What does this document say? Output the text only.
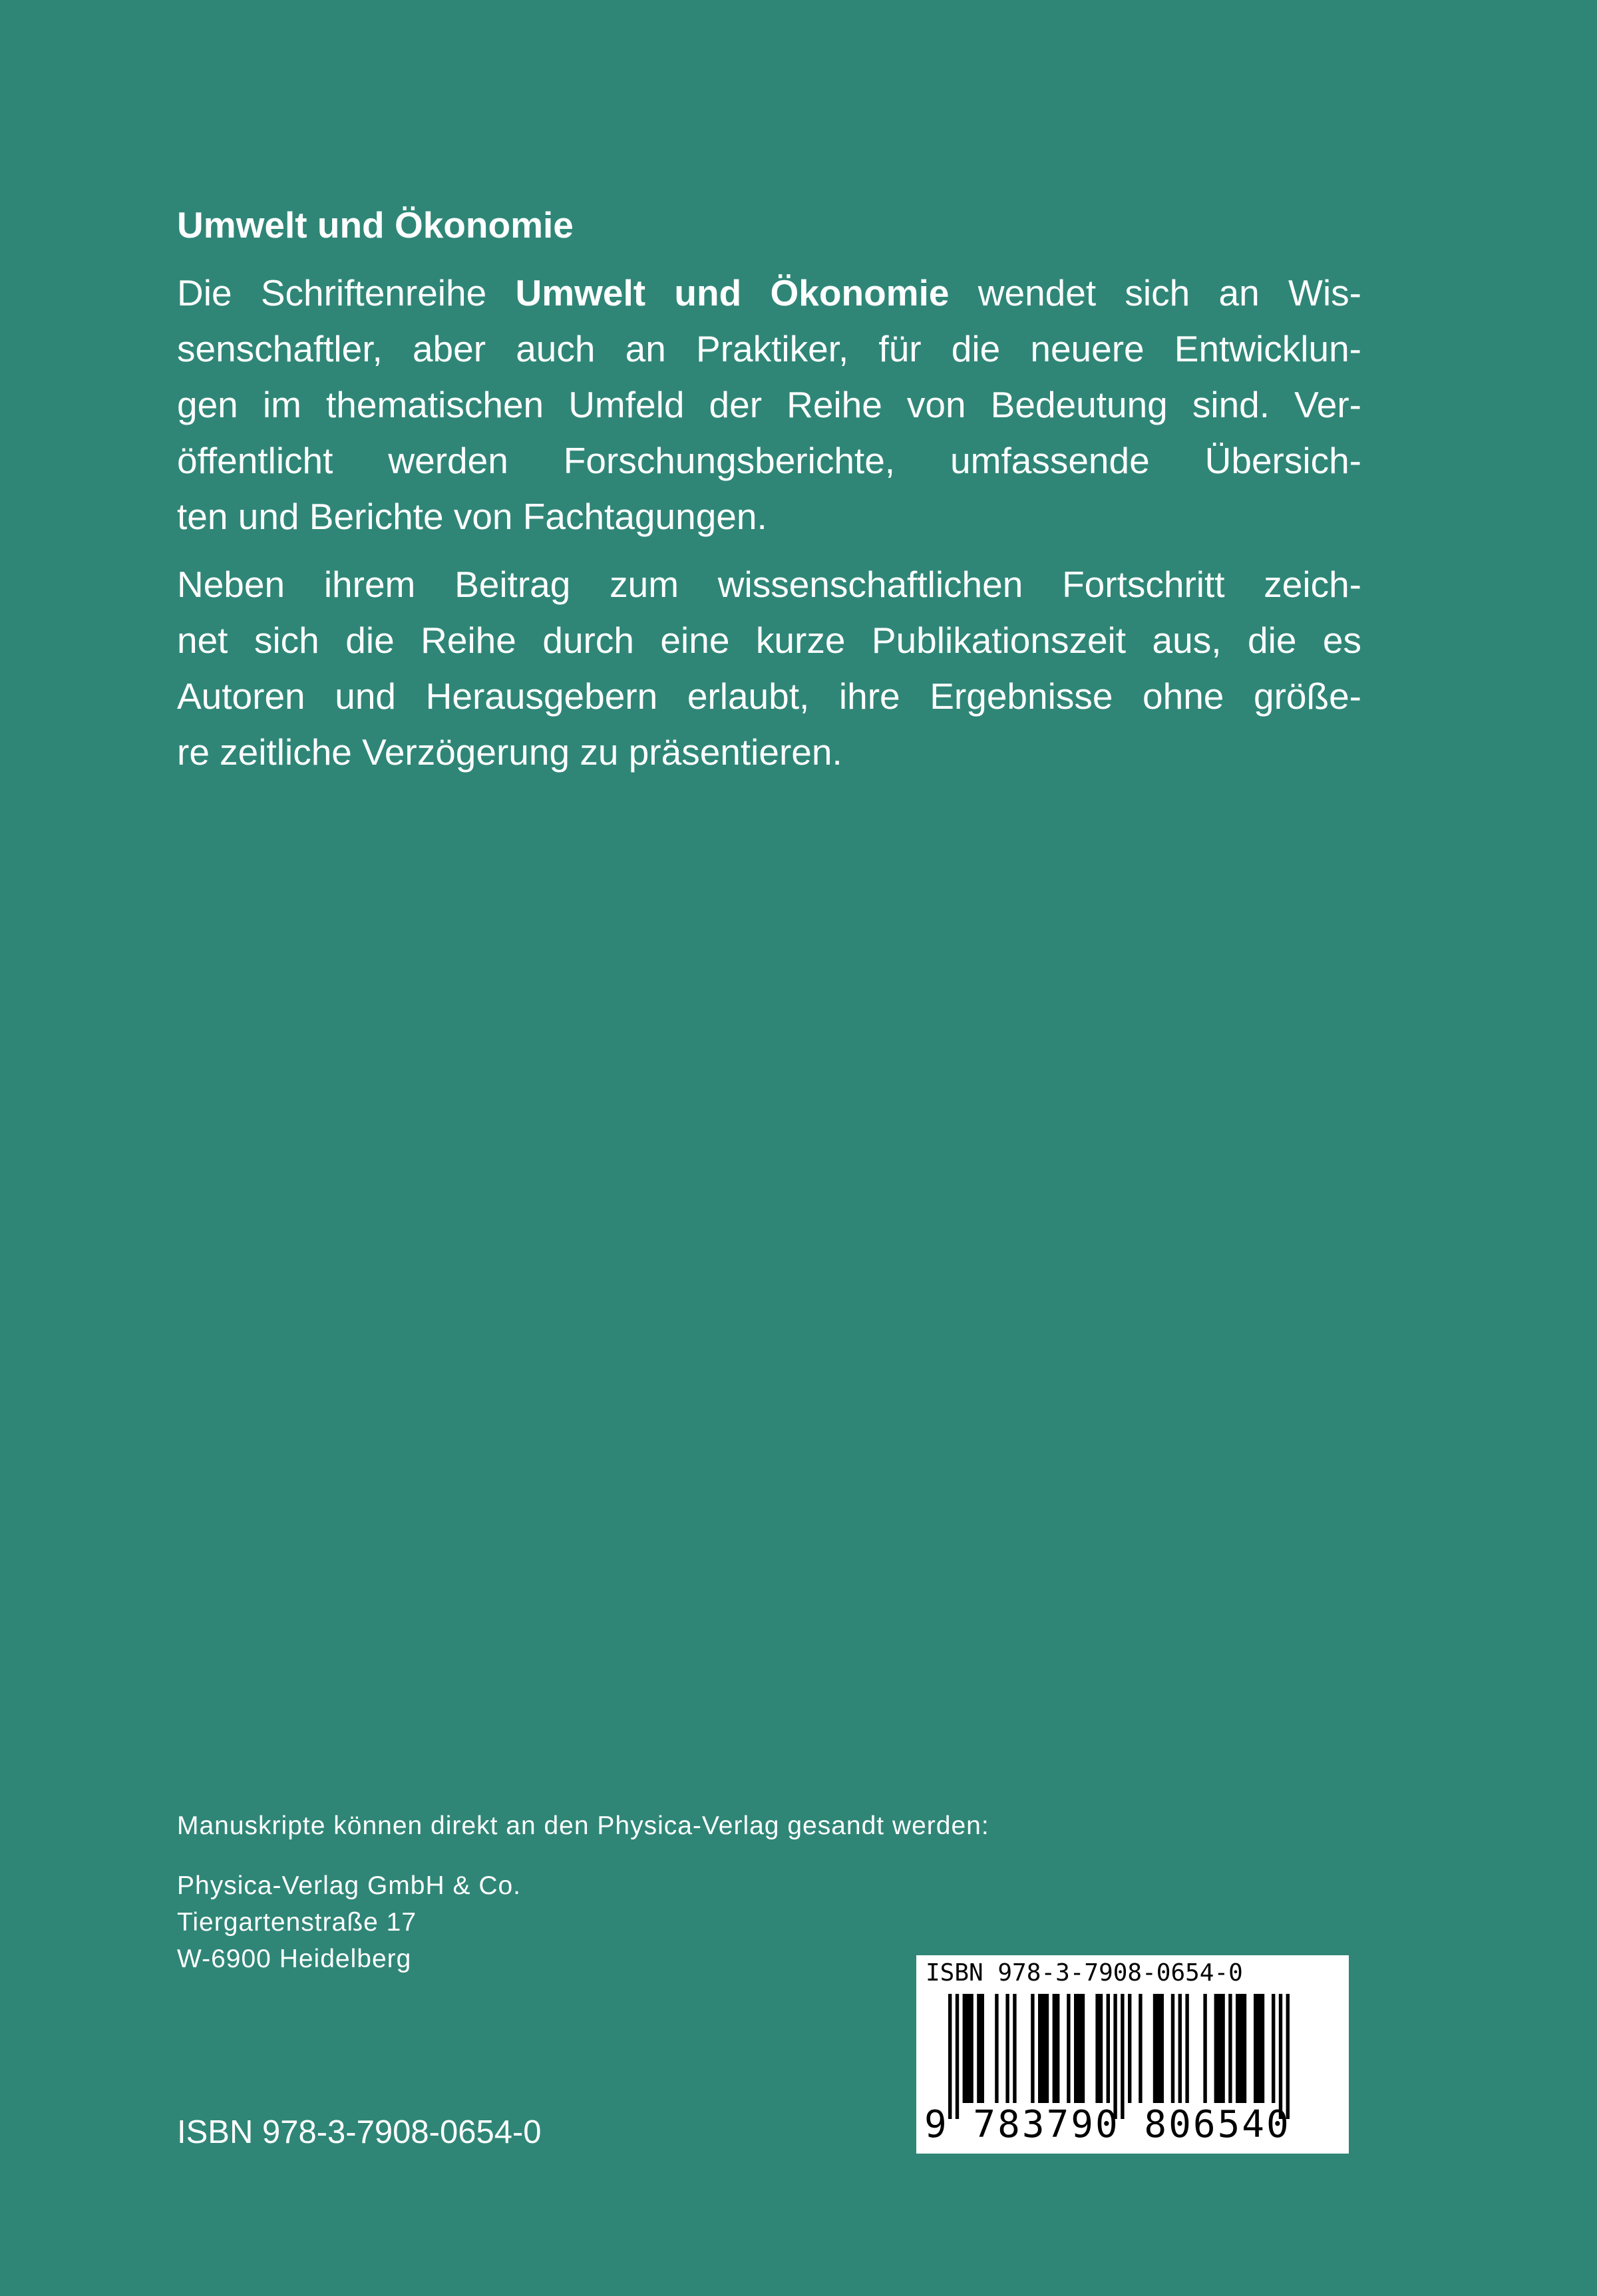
Umwelt und Ökonomie

Die Schriftenreihe Umwelt und Ökonomie wendet sich an Wis-
senschaftler, aber auch an Praktiker, für die neuere Entwicklun-
gen im thematischen Umfeld der Reihe von Bedeutung sind. Ver-
öffentlicht werden Forschungsberichte, umfassende Übersich-
ten und Berichte von Fachtagungen.

Neben ihrem Beitrag zum wissenschaftlichen Fortschritt zeich-
net sich die Reihe durch eine kurze Publikationszeit aus, die es
Autoren und Herausgebern erlaubt, ihre Ergebnisse ohne größe-
re zeitliche Verzögerung zu präsentieren.

Manuskripte können direkt an den Physica-Verlag gesandt werden:

Physica-Verlag GmbH & Co.
Tiergartenstraße 17
W-6900 Heidelberg

ISBN 978-3-7908-0654-0

ISBN 978-3-7908-0654-0

9 783790 806540
